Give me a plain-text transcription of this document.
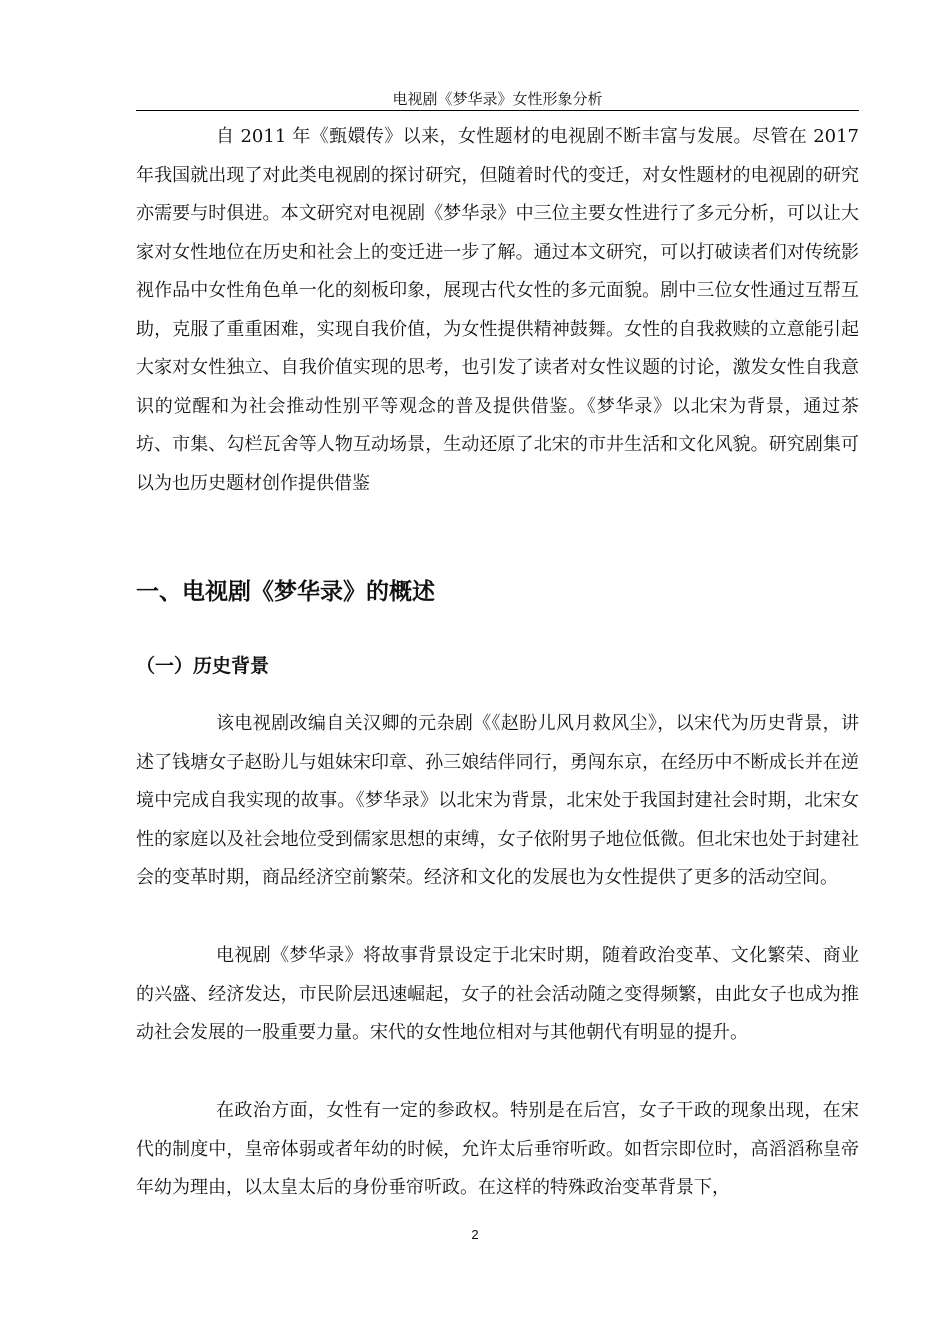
电视剧《梦华录》女性形象分析

自 2011 年《甄嬛传》以来，女性题材的电视剧不断丰富与发展。尽管在 2017 年我国就出现了对此类电视剧的探讨研究，但随着时代的变迁，对女性题材的电视剧的研究亦需要与时俱进。本文研究对电视剧《梦华录》中三位主要女性进行了多元分析，可以让大家对女性地位在历史和社会上的变迁进一步了解。通过本文研究，可以打破读者们对传统影视作品中女性角色单一化的刻板印象，展现古代女性的多元面貌。剧中三位女性通过互帮互助，克服了重重困难，实现自我价值，为女性提供精神鼓舞。女性的自我救赎的立意能引起大家对女性独立、自我价值实现的思考，也引发了读者对女性议题的讨论，激发女性自我意识的觉醒和为社会推动性别平等观念的普及提供借鉴。《梦华录》以北宋为背景，通过茶坊、市集、勾栏瓦舍等人物互动场景，生动还原了北宋的市井生活和文化风貌。研究剧集可以为也历史题材创作提供借鉴

一、电视剧《梦华录》的概述
（一）历史背景

该电视剧改编自关汉卿的元杂剧《《赵盼儿风月救风尘》，以宋代为历史背景，讲述了钱塘女子赵盼儿与姐妹宋印章、孙三娘结伴同行，勇闯东京，在经历中不断成长并在逆境中完成自我实现的故事。《梦华录》以北宋为背景，北宋处于我国封建社会时期，北宋女性的家庭以及社会地位受到儒家思想的束缚，女子依附男子地位低微。但北宋也处于封建社会的变革时期，商品经济空前繁荣。经济和文化的发展也为女性提供了更多的活动空间。

电视剧《梦华录》将故事背景设定于北宋时期，随着政治变革、文化繁荣、商业的兴盛、经济发达，市民阶层迅速崛起，女子的社会活动随之变得频繁，由此女子也成为推动社会发展的一股重要力量。宋代的女性地位相对与其他朝代有明显的提升。

在政治方面，女性有一定的参政权。特别是在后宫，女子干政的现象出现，在宋代的制度中，皇帝体弱或者年幼的时候，允许太后垂帘听政。如哲宗即位时，高滔滔称皇帝年幼为理由，以太皇太后的身份垂帘听政。在这样的特殊政治变革背景下，

2
